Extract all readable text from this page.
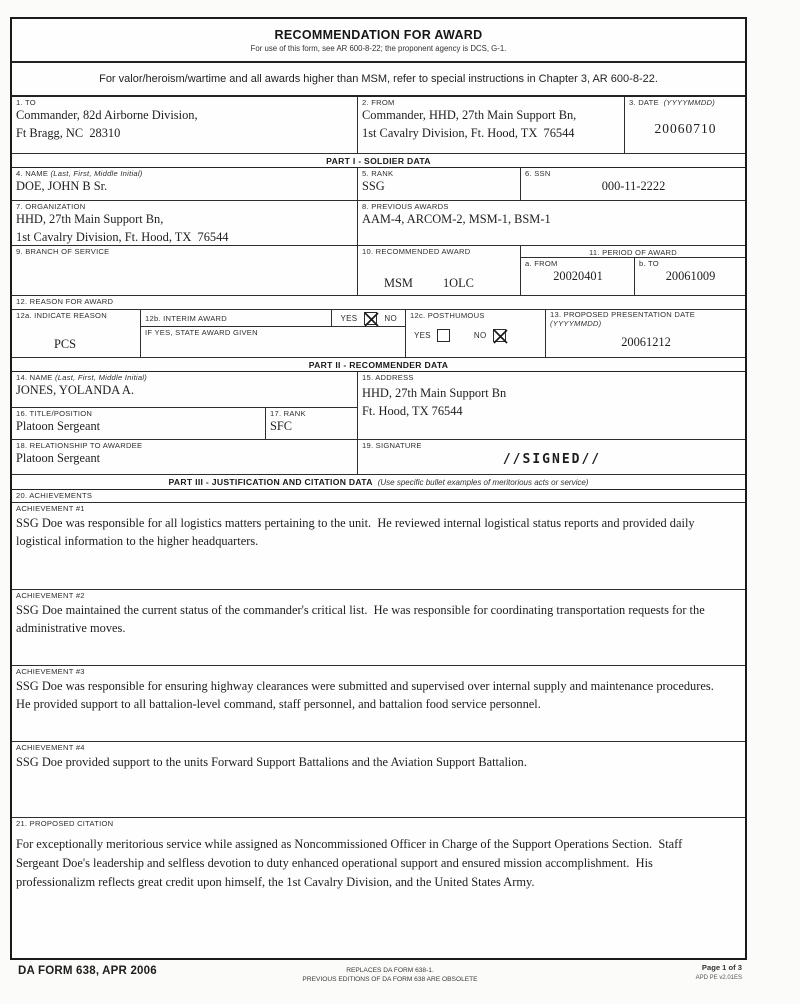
RECOMMENDATION FOR AWARD
For use of this form, see AR 600-8-22; the proponent agency is DCS, G-1.
For valor/heroism/wartime and all awards higher than MSM, refer to special instructions in Chapter 3, AR 600-8-22.
1. TO
Commander, 82d Airborne Division,
Ft Bragg, NC  28310
2. FROM
Commander, HHD, 27th Main Support Bn,
1st Cavalry Division, Ft. Hood, TX  76544
3. DATE (YYYYMMDD)
20060710
PART I - SOLDIER DATA
4. NAME (Last, First, Middle Initial)
DOE, JOHN B Sr.
5. RANK
SSG
6. SSN
000-11-2222
7. ORGANIZATION
HHD, 27th Main Support Bn,
1st Cavalry Division, Ft. Hood, TX  76544
8. PREVIOUS AWARDS
AAM-4, ARCOM-2, MSM-1, BSM-1
9. BRANCH OF SERVICE	10. RECOMMENDED AWARD
MSM 1OLC
11. PERIOD OF AWARD
a. FROM
20020401
b. TO
20061009
12. REASON FOR AWARD
12a. INDICATE REASON
PCS
12b. INTERIM AWARD	YES	NO
IF YES, STATE AWARD GIVEN
12c. POSTHUMOUS
YES	NO
13. PROPOSED PRESENTATION DATE
(YYYYMMDD)
20061212
PART II - RECOMMENDER DATA
14. NAME (Last, First, Middle Initial)
JONES, YOLANDA A.
16. TITLE/POSITION
Platoon Sergeant
17. RANK
SFC
18. RELATIONSHIP TO AWARDEE
Platoon Sergeant
15. ADDRESS
HHD, 27th Main Support Bn
Ft. Hood, TX 76544
19. SIGNATURE
//SIGNED//
PART III - JUSTIFICATION AND CITATION DATA (Use specific bullet examples of meritorious acts or service)
20. ACHIEVEMENTS
ACHIEVEMENT #1
SSG Doe was responsible for all logistics matters pertaining to the unit.  He reviewed internal logistical status reports and provided daily logistical information to the higher headquarters.
ACHIEVEMENT #2
SSG Doe maintained the current status of the commander's critical list.  He was responsible for coordinating transportation requests for the administrative moves.
ACHIEVEMENT #3
SSG Doe was responsible for ensuring highway clearances were submitted and supervised over internal supply and maintenance procedures.  He provided support to all battalion-level command, staff personnel, and battalion food service personnel.
ACHIEVEMENT #4
SSG Doe provided support to the units Forward Support Battalions and the Aviation Support Battalion.
21. PROPOSED CITATION
For exceptionally meritorious service while assigned as Noncommissioned Officer in Charge of the Support Operations Section.  Staff Sergeant Doe's leadership and selfless devotion to duty enhanced operational support and ensured mission accomplishment.  His professionalizm reflects great credit upon himself, the 1st Cavalry Division, and the United States Army.
DA FORM 638, APR 2006	REPLACES DA FORM 638-1.
PREVIOUS EDITIONS OF DA FORM 638 ARE OBSOLETE
Page 1 of 3
APD PE v2.01ES
